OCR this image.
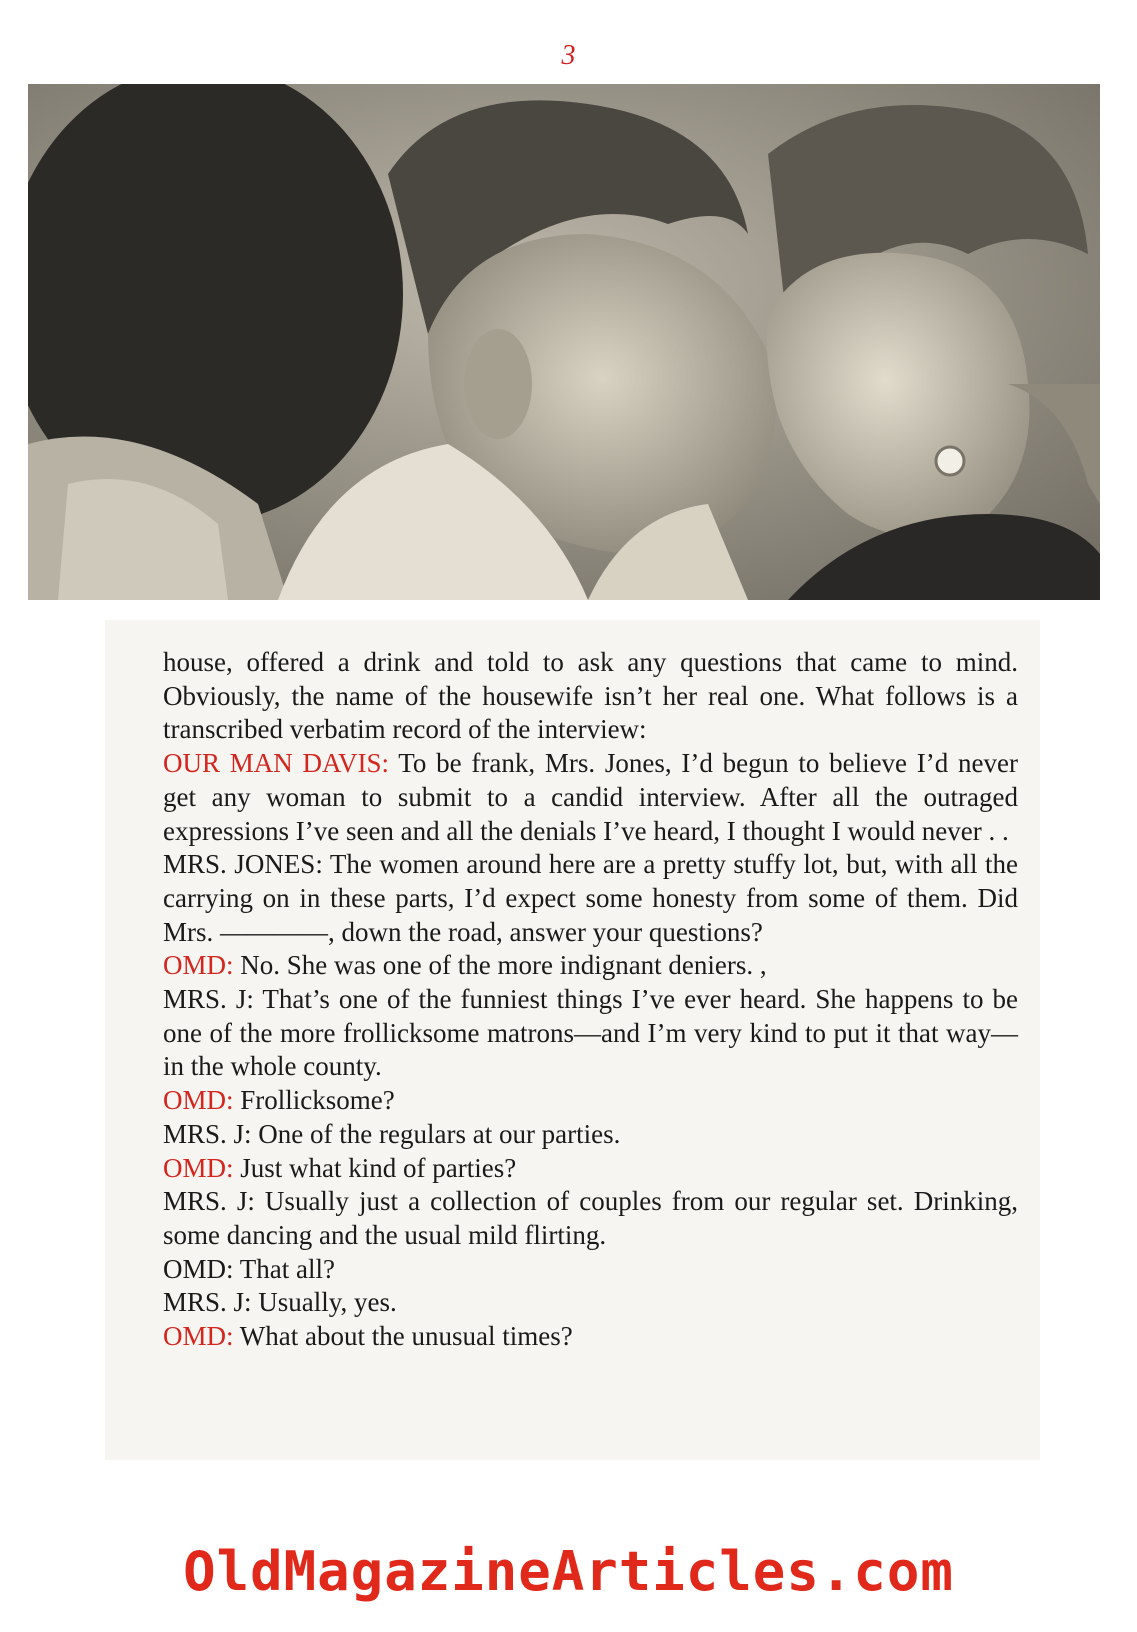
3

house, offered a drink and told to ask any questions that came to mind. Obviously, the name of the housewife isn’t her real one. What follows is a transcribed verbatim record of the interview:

OUR MAN DAVIS: To be frank, Mrs. Jones, I’d begun to believe I’d never get any woman to submit to a candid interview. After all the outraged expressions I’ve seen and all the denials I’ve heard, I thought I would never . .

MRS. JONES: The women around here are a pretty stuffy lot, but, with all the carrying on in these parts, I’d expect some honesty from some of them. Did Mrs. ————, down the road, answer your questions?

OMD: No. She was one of the more indignant deniers. ,

MRS. J: That’s one of the funniest things I’ve ever heard. She happens to be one of the more frollicksome matrons—and I’m very kind to put it that way—in the whole county.

OMD: Frollicksome?

MRS. J: One of the regulars at our parties.

OMD: Just what kind of parties?

MRS. J: Usually just a collection of couples from our regular set. Drinking, some dancing and the usual mild flirting.

OMD: That all?

MRS. J: Usually, yes.

OMD: What about the unusual times?

OldMagazineArticles.com
